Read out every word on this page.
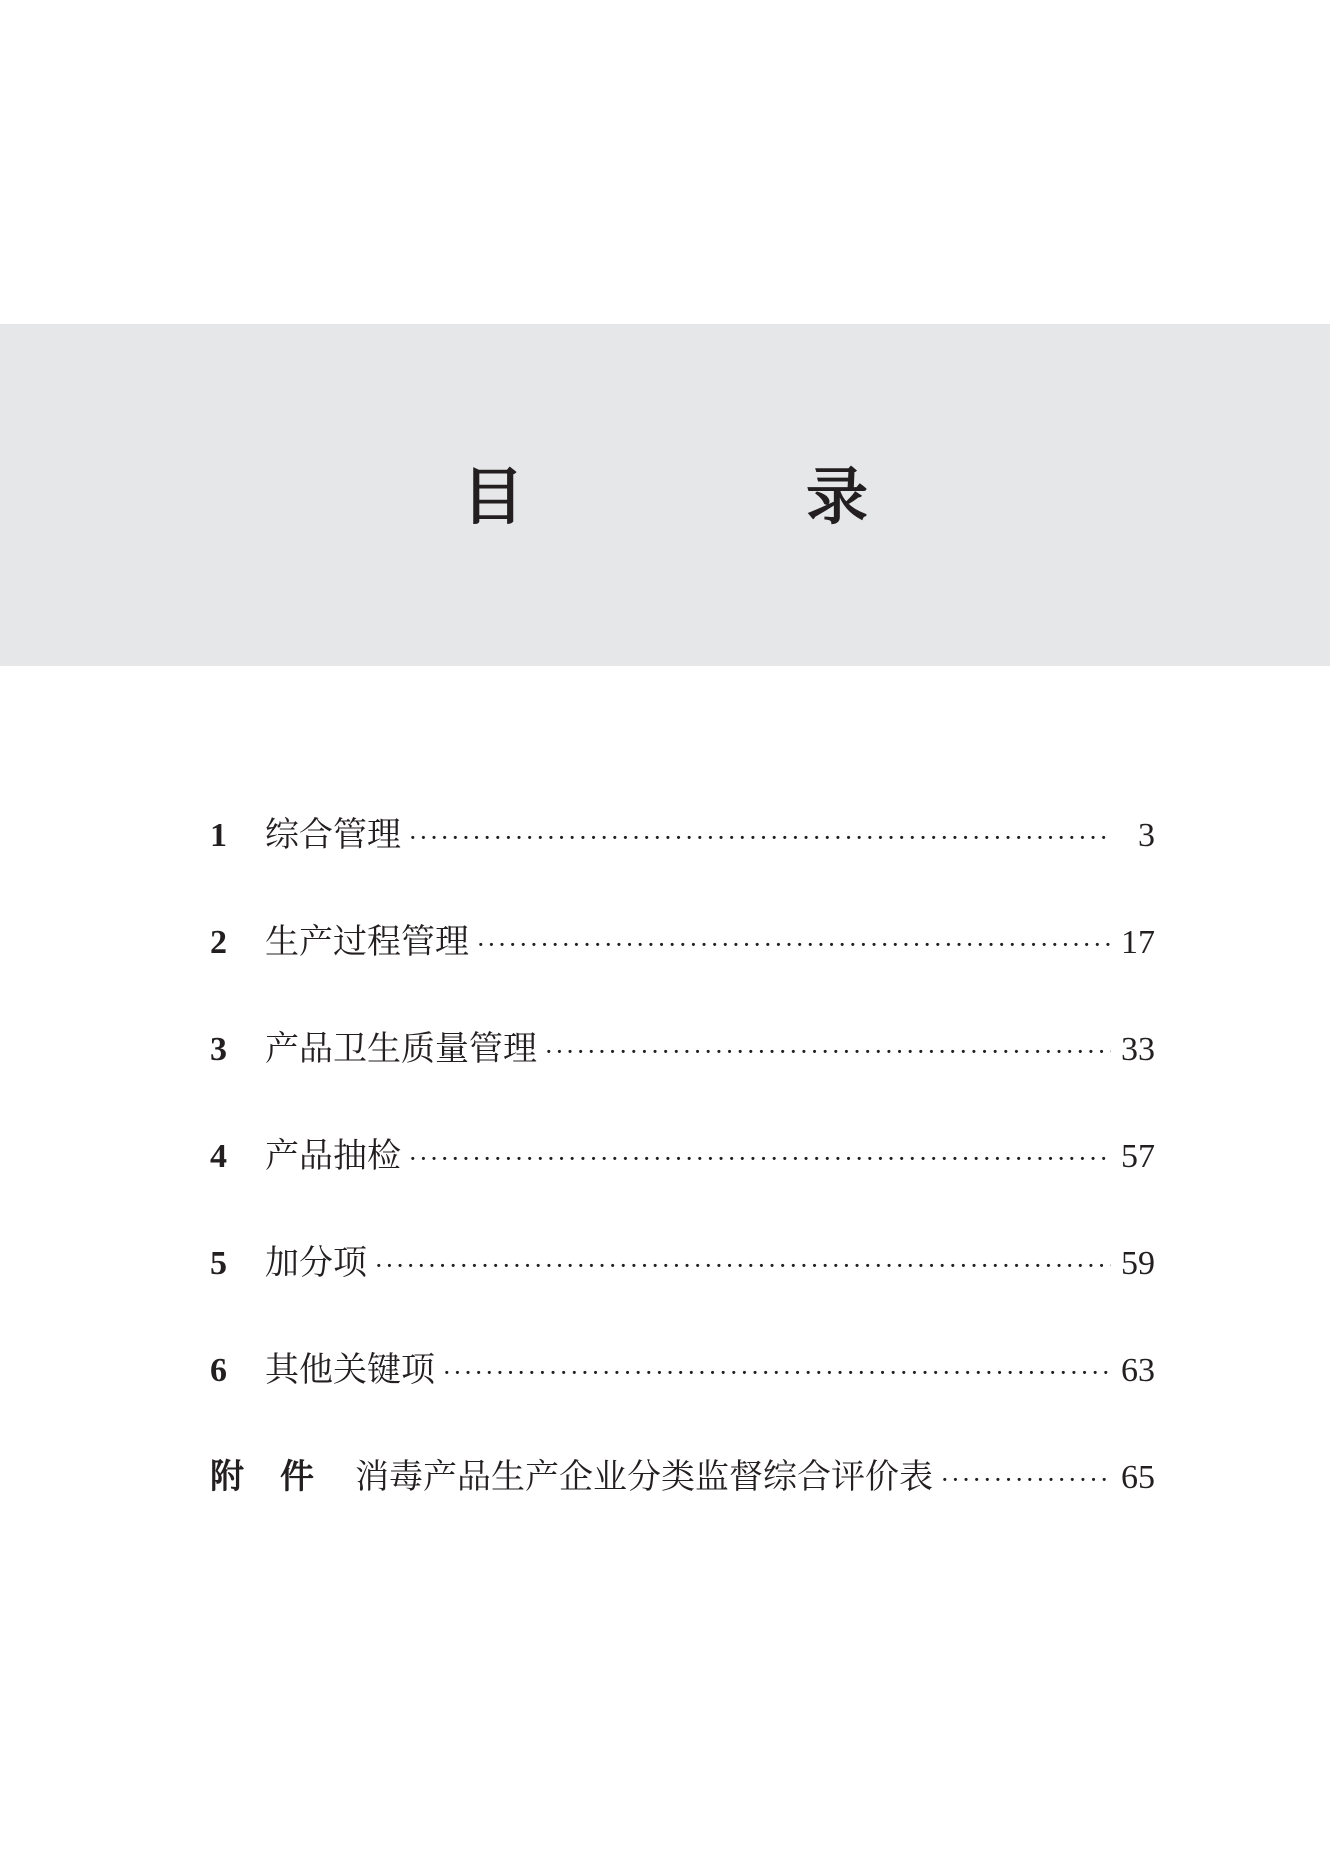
目　录
1	综合管理 ·····	3
2	生产过程管理 ·····	17
3	产品卫生质量管理 ·····	33
4	产品抽检 ·····	57
5	加分项 ·····	59
6	其他关键项 ·····	63
附件 消毒产品生产企业分类监督综合评价表 ·····	65
